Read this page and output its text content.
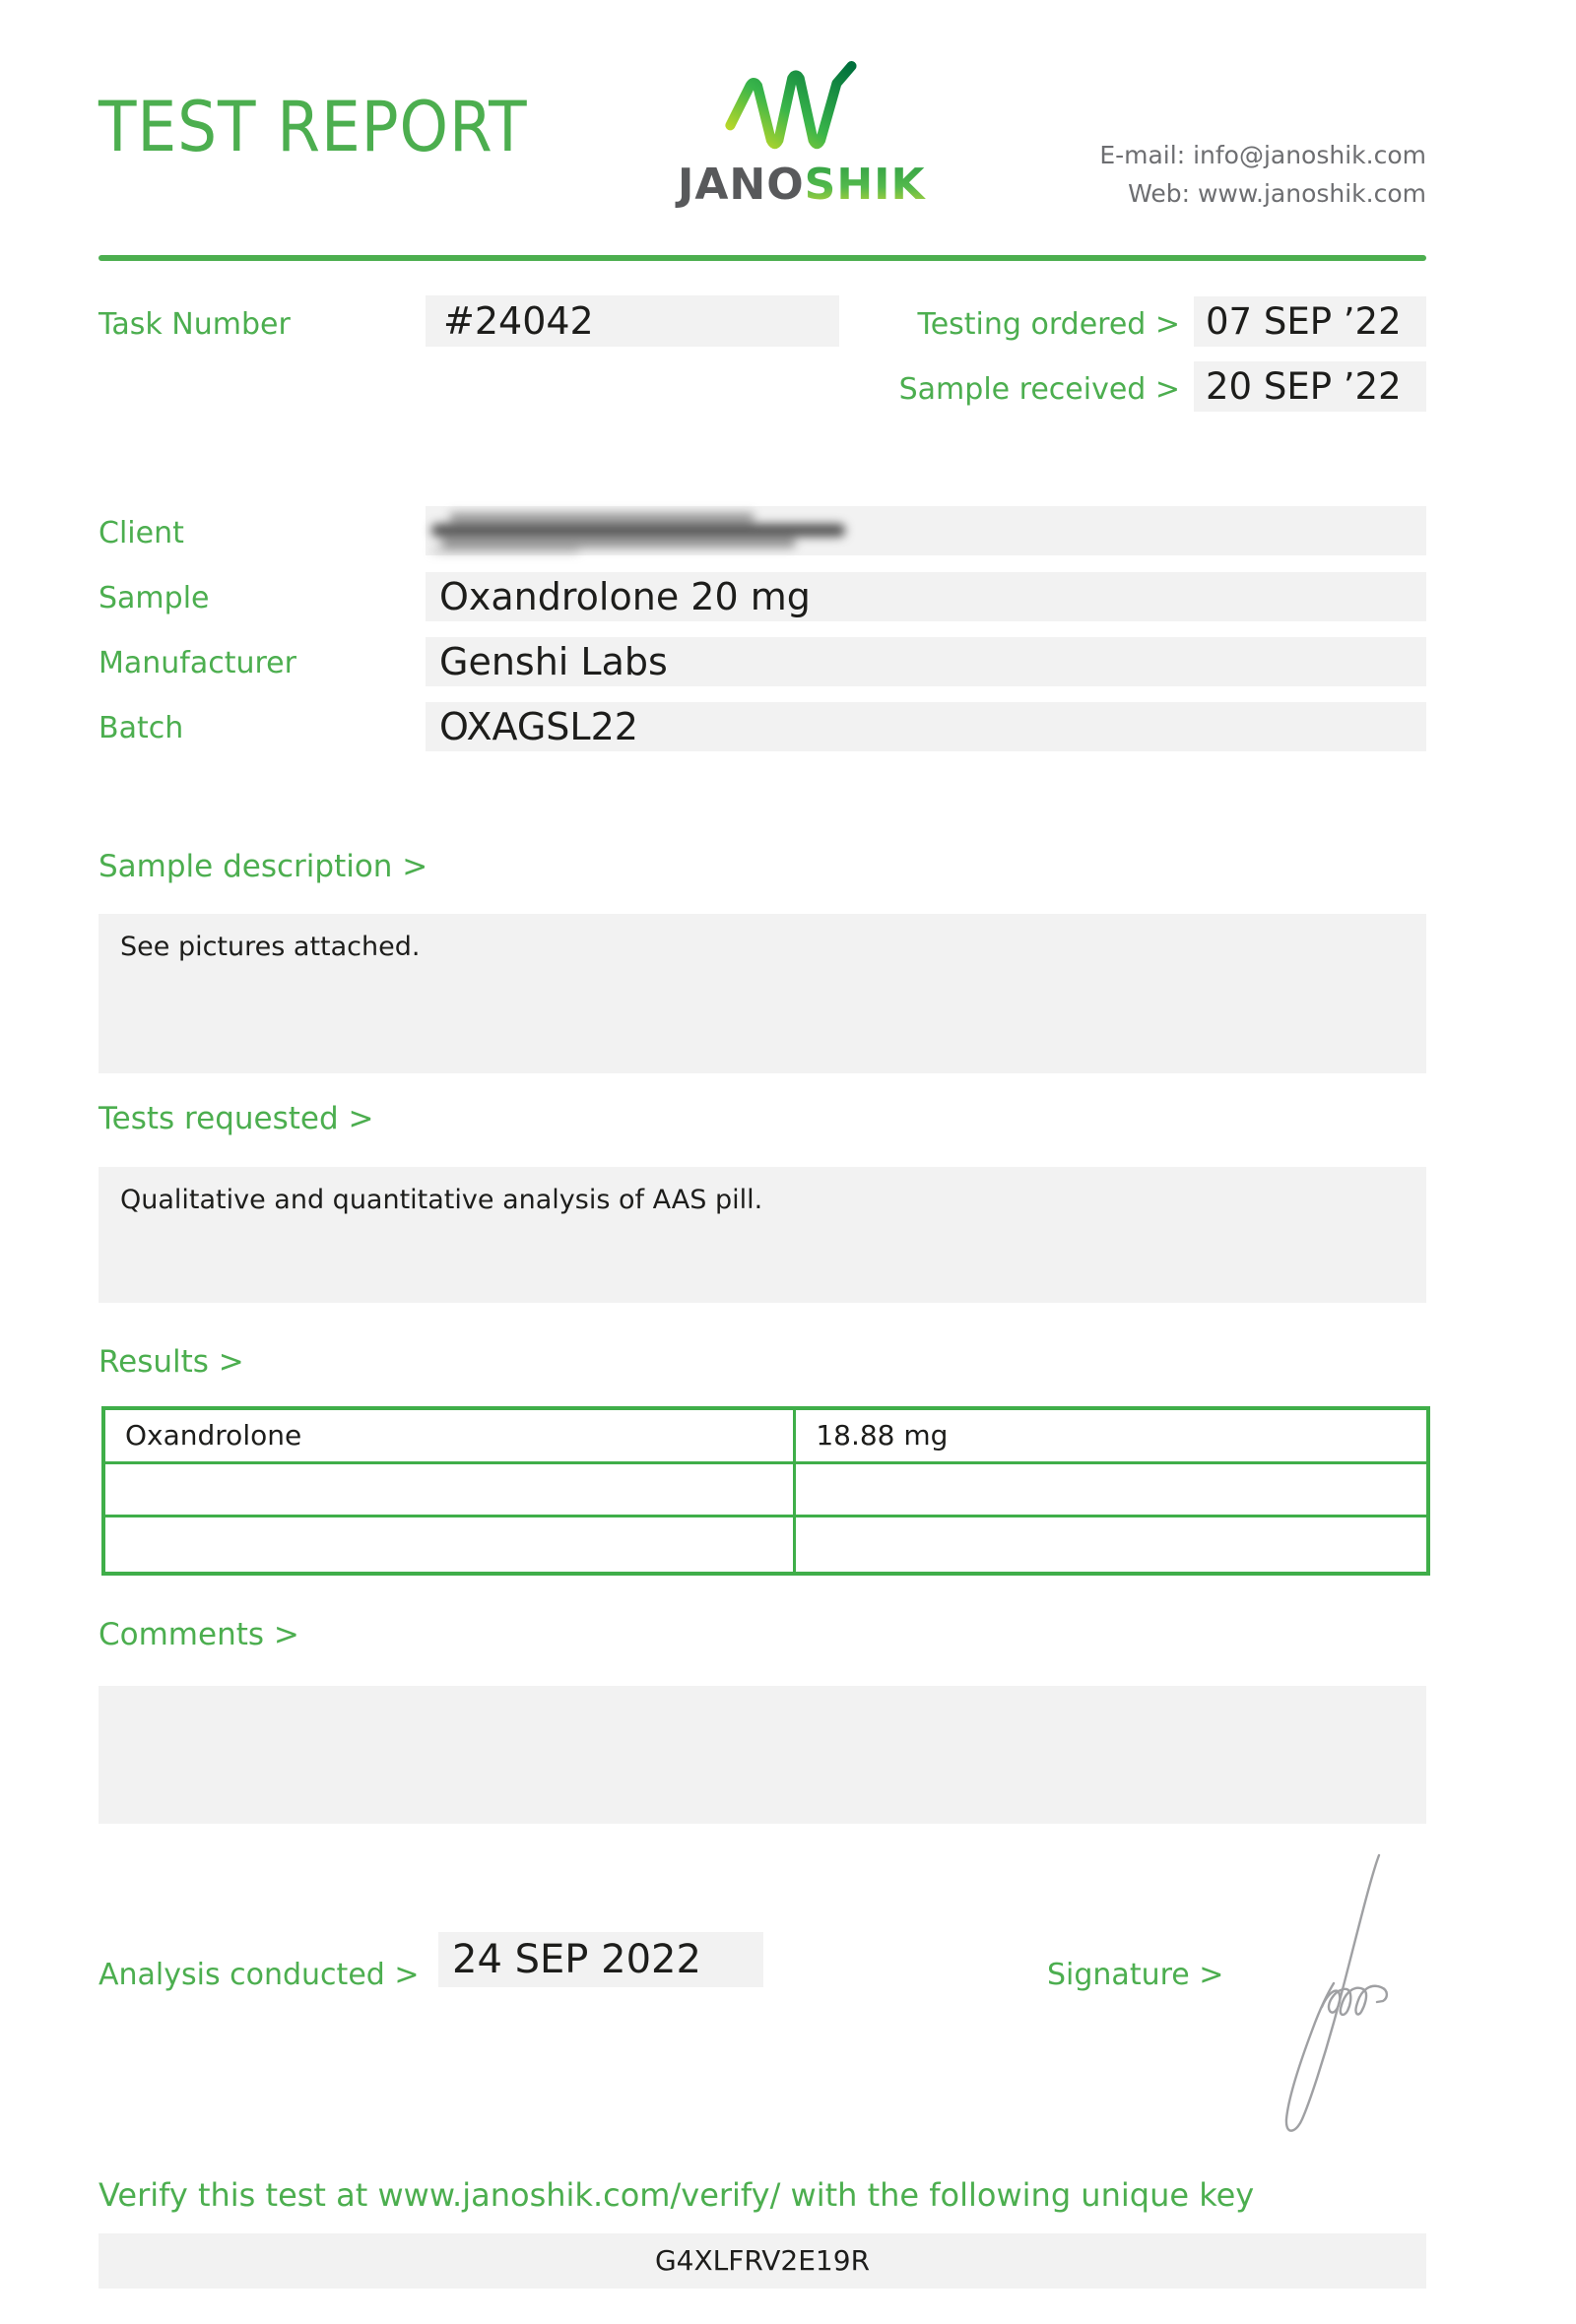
TEST REPORT
JANOSHIK
E-mail: info@janoshik.com
Web: www.janoshik.com
Task Number	#24042	Testing ordered > 07 SEP ’22
Sample received > 20 SEP ’22
Client
Sample	Oxandrolone 20 mg
Manufacturer	Genshi Labs
Batch	OXAGSL22
Sample description >
See pictures attached.
Tests requested >
Qualitative and quantitative analysis of AAS pill.
Results >
Oxandrolone	18.88 mg
Comments >
Analysis conducted > 24 SEP 2022	Signature >
Verify this test at www.janoshik.com/verify/ with the following unique key
G4XLFRV2E19R
